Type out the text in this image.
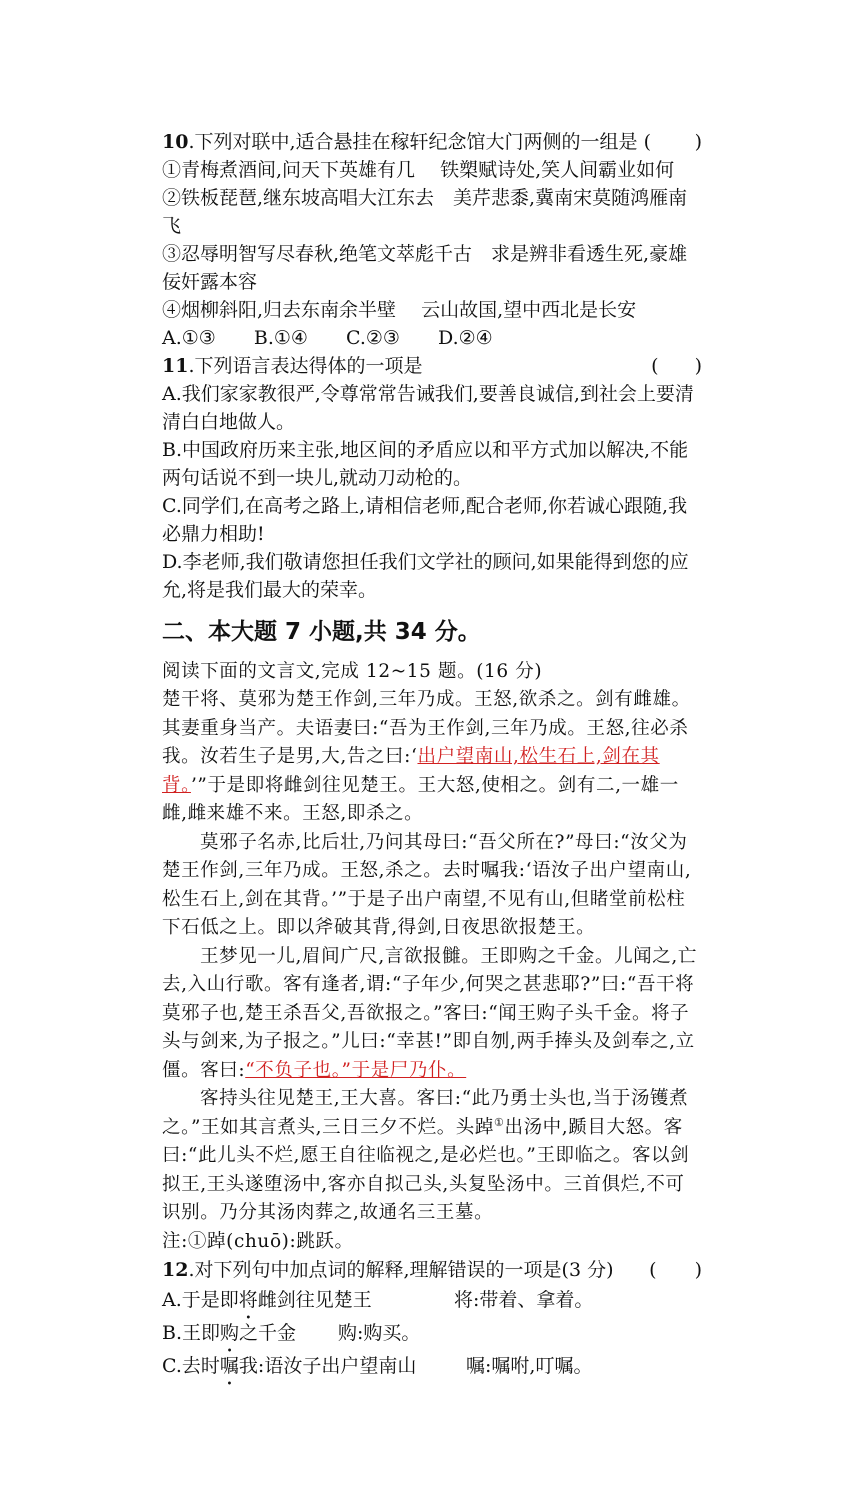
10.下列对联中,适合悬挂在稼轩纪念馆大门两侧的一组是 ( )
①青梅煮酒间,问天下英雄有几　 铁槊赋诗处,笑人间霸业如何
②铁板琵琶,继东坡高唱大江东去　美芹悲黍,冀南宋莫随鸿雁南飞
③忍辱明智写尽春秋,绝笔文萃彪千古　求是辨非看透生死,豪雄佞奸露本容
④烟柳斜阳,归去东南余半壁　 云山故国,望中西北是长安
A.①③ B.①④ C.②③ D.②④
11.下列语言表达得体的一项是	( )
A.我们家家教很严,令尊常常告诫我们,要善良诚信,到社会上要清清白白地做人。
B.中国政府历来主张,地区间的矛盾应以和平方式加以解决,不能两句话说不到一块儿,就动刀动枪的。
C.同学们,在高考之路上,请相信老师,配合老师,你若诚心跟随,我必鼎力相助!
D.李老师,我们敬请您担任我们文学社的顾问,如果能得到您的应允,将是我们最大的荣幸。
二、本大题 7 小题,共 34 分。

阅读下面的文言文,完成 12~15 题。(16 分)

楚干将、莫邪为楚王作剑,三年乃成。王怒,欲杀之。剑有雌雄。其妻重身当产。夫语妻曰:“吾为王作剑,三年乃成。王怒,往必杀我。汝若生子是男,大,告之曰:‘出户望南山,松生石上,剑在其背。’”于是即将雌剑往见楚王。王大怒,使相之。剑有二,一雄一雌,雌来雄不来。王怒,即杀之。

莫邪子名赤,比后壮,乃问其母曰:“吾父所在?”母曰:“汝父为楚王作剑,三年乃成。王怒,杀之。去时嘱我:‘语汝子出户望南山,松生石上,剑在其背。’”于是子出户南望,不见有山,但睹堂前松柱下石低之上。即以斧破其背,得剑,日夜思欲报楚王。

王梦见一儿,眉间广尺,言欲报雠。王即购之千金。儿闻之,亡去,入山行歌。客有逢者,谓:“子年少,何哭之甚悲耶?”曰:“吾干将莫邪子也,楚王杀吾父,吾欲报之。”客曰:“闻王购子头千金。将子头与剑来,为子报之。”儿曰:“幸甚!”即自刎,两手捧头及剑奉之,立僵。客曰:“不负子也。”于是尸乃仆。

客持头往见楚王,王大喜。客曰:“此乃勇士头也,当于汤镬煮之。”王如其言煮头,三日三夕不烂。头踔①出汤中,踬目大怒。客曰:“此儿头不烂,愿王自往临视之,是必烂也。”王即临之。客以剑拟王,王头遂堕汤中,客亦自拟己头,头复坠汤中。三首俱烂,不可识别。乃分其汤肉葬之,故通名三王墓。

注:①踔(chuō):跳跃。

12.对下列句中加点词的解释,理解错误的一项是(3 分) (　　)
A.于是即将雌剑往见楚王	将:带着、拿着。
B.王即购之千金 购:购买。
C.去时嘱我:语汝子出户望南山	嘱:嘱咐,叮嘱。
